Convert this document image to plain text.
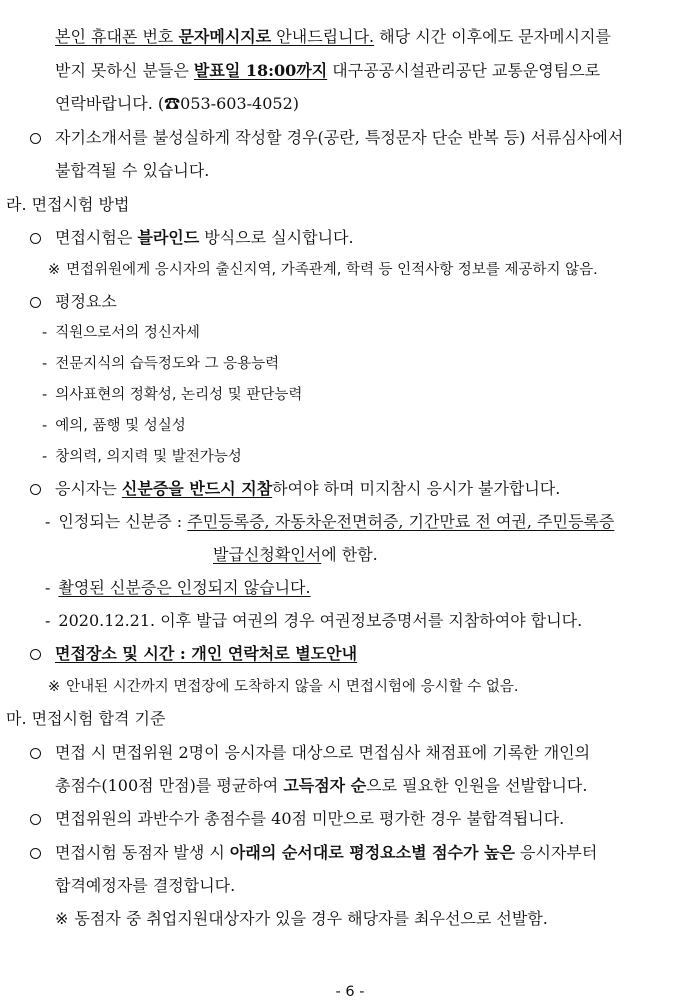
본인 휴대폰 번호 문자메시지로 안내드립니다. 해당 시간 이후에도 문자메시지를
받지 못하신 분들은 발표일 18:00까지 대구공공시설관리공단 교통운영팀으로
연락바랍니다. (☎053-603-4052)
자기소개서를 불성실하게 작성할 경우(공란, 특정문자 단순 반복 등) 서류심사에서
불합격될 수 있습니다.
라. 면접시험 방법
면접시험은 블라인드 방식으로 실시합니다.
※ 면접위원에게 응시자의 출신지역, 가족관계, 학력 등 인적사항 정보를 제공하지 않음.
평정요소
- 직원으로서의 정신자세
- 전문지식의 습득정도와 그 응용능력
- 의사표현의 정확성, 논리성 및 판단능력
- 예의, 품행 및 성실성
- 창의력, 의지력 및 발전가능성
응시자는 신분증을 반드시 지참하여야 하며 미지참시 응시가 불가합니다.
- 인정되는 신분증 : 주민등록증, 자동차운전면허증, 기간만료 전 여권, 주민등록증
발급신청확인서에 한함.
- 촬영된 신분증은 인정되지 않습니다.
- 2020.12.21. 이후 발급 여권의 경우 여권정보증명서를 지참하여야 합니다.
면접장소 및 시간 : 개인 연락처로 별도안내
※ 안내된 시간까지 면접장에 도착하지 않을 시 면접시험에 응시할 수 없음.
마. 면접시험 합격 기준
면접 시 면접위원 2명이 응시자를 대상으로 면접심사 채점표에 기록한 개인의
총점수(100점 만점)를 평균하여 고득점자 순으로 필요한 인원을 선발합니다.
면접위원의 과반수가 총점수를 40점 미만으로 평가한 경우 불합격됩니다.
면접시험 동점자 발생 시 아래의 순서대로 평정요소별 점수가 높은 응시자부터
합격예정자를 결정합니다.
※ 동점자 중 취업지원대상자가 있을 경우 해당자를 최우선으로 선발함.
- 6 -
